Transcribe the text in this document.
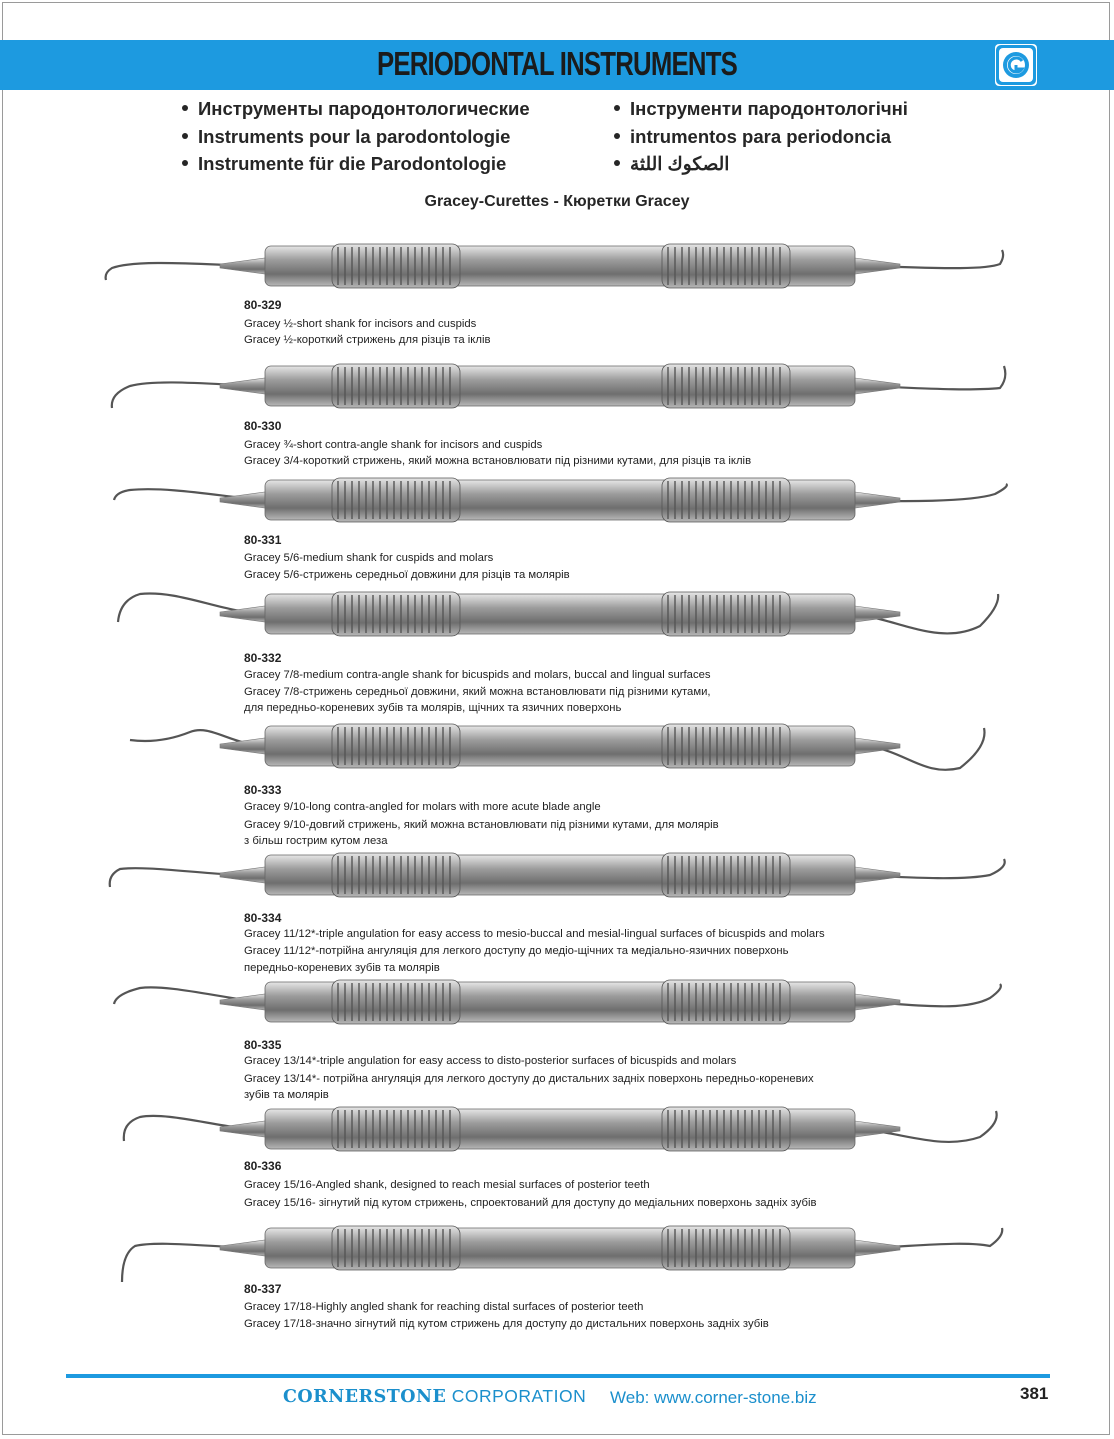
PERIODONTAL INSTRUMENTS
Инструменты пародонтологические
Instruments pour la parodontologie
Instrumente für die Parodontologie
Інструменти пародонтологічні
intrumentos para periodoncia
الصكوك اللثة
Gracey-Curettes - Кюретки Gracey
80-329
Gracey ½-short shank for incisors and cuspids
Gracey ½-короткий стрижень для різців та іклів
80-330
Gracey ¾-short contra-angle shank for incisors and cuspids
Gracey 3/4-короткий стрижень, який можна встановлювати під різними кутами, для різців та іклів
80-331
Gracey 5/6-medium shank for cuspids and molars
Gracey 5/6-стрижень середньої довжини для різців та молярів
80-332
Gracey 7/8-medium contra-angle shank for bicuspids and molars, buccal and lingual surfaces
Gracey 7/8-стрижень середньої довжини, який можна встановлювати під різними кутами,
для передньо-кореневих зубів та молярів, щічних та язичних поверхонь
80-333
Gracey 9/10-long contra-angled for molars with more acute blade angle
Gracey 9/10-довгий стрижень, який можна встановлювати під різними кутами, для молярів
з більш гострим кутом леза
80-334
Gracey 11/12*-triple angulation for easy access to mesio-buccal and mesial-lingual surfaces of bicuspids and molars
Gracey 11/12*-потрійна ангуляція для легкого доступу до медіо-щічних та медіально-язичних поверхонь
передньо-кореневих зубів та молярів
80-335
Gracey 13/14*-triple angulation for easy access to disto-posterior surfaces of bicuspids and molars
Gracey 13/14*- потрійна ангуляція для легкого доступу до дистальних задніх поверхонь передньо-кореневих
зубів та молярів
80-336
Gracey 15/16-Angled shank, designed to reach mesial surfaces of posterior teeth
Gracey 15/16- зігнутий під кутом стрижень, спроектований для доступу до медіальних поверхонь задніх зубів
80-337
Gracey 17/18-Highly angled shank for reaching distal surfaces of posterior teeth
Gracey 17/18-значно зігнутий під кутом стрижень для доступу до дистальних поверхонь задніх зубів
CORNERSTONE CORPORATION Web: www.corner-stone.biz	381
